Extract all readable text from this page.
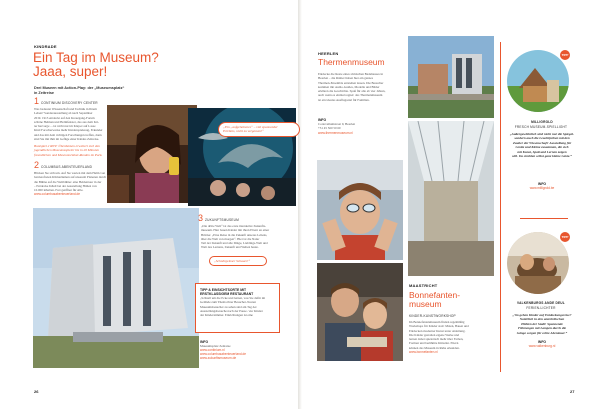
KINDRADE
Ein Tag im Museum?
Jaaa, super!
Drei Museen mit Action-Play: der „Museumsplatz“
in Zeitreise
1 CONTINIUM DISCOVERY CENTER
Was bedeutet Wissenschaft und Technik in Ihrem
Leben? Sonderausstellung ab nach September
2019. 1913 entdeckt auf den Kreuzgang-Forum
schöne Helmen und Helmfenster, das aus dem Kri-
ter hervorge ... ist nicht nur im Körper auf Lasse
Kind Forscherwerke mehr Kinderspielzeug, Erkunder
und das mit dem richtigen Forschungen treffen, dann
sind Sie mit ihm im Gefüge einer Kindes Zeitreise.
Buntspiel 2 RNV: Überdenken erweitert sich den
jugendlichen Museumsspieler bis in 20 Minuten
freundlichen und Museumsrätsel-Runden im Park.
2 COLUMBUS ABENTEUERLAND
Blicken Sie sich um. Auf Sie warten mit dem Helm von
barrierefreien Klimaräumen auf unserem Planeten durch
die Bühne auf die Weltbühne: eine Heldentour in der
– Entdecke Inhalt bei der Ausstellung Höhen von
10.000 inhalten. Frei geöffnet für Alle.
www.columbusabenteuerland.de
3 ZUKUNFTSMUSEUM
„Die dritte Welt“ ist das erste interaktive Zukunfts-
museum. Hier bauen Kinder mit ihren Eltern an einer
Brücke: „Eine Reise in die Zukunft unseres Lebens,
über die Welt von morgen“. Hier ist die Natur
Teil der Zukunft und alle Dinge, Lieblings-Welt und
Welt des Lernens, Zukunft und Welten heute.
„Ein „aufgehobenes“ – viel spannender
Erlebnis, nicht zu vergessen!“
„Schnörgeloser Schauer!“
TIPP & EINSICHTSORTE MIT
ERSTKLASSIGEM RESTAURANT
„Schnell um die Ecke und lernen, was Sie dafür im
Gelände zum Thema ihrer Besucher-Touren
Museumsbesucher zu sehen sind am Tag der
Ausstellungsbesuche nach der Pause / zur Kinder
der Kinderzimmer. Einrichtungen ist eine
INFO
Museumsplatz Zeitreise
www.continium.nl
www.columbusabenteuerland.de
www.zukunftsmuseum.de
26
HEERLEN
Thermenmuseum
Entdecke die Reste eines römischen Badehauses in
Heerlen – die Römer haben hier ein ganzes
Thermen-Ensemble entstehen lassen. Die Besucher
kommen mit Audio-Guides, Modelle und Bilder
erklären die Geschichte. Spaß für alle ab vier Jahren,
auch wenn es einmal regnet: das Thermenmuseum
ist ein ideales Ausflugsziel für Familien.
INFO
Coriovallumstraat 9, Heerlen
+31 45 560 50 60
www.thermenmuseum.nl
MAASTRICHT
Bonnefanten-
museum
KINDER-KUNSTWORKSHOP
Im Bonnefantenmuseum finden regelmäßig
Workshops für Kinder statt: Malen, Bauen und
Entdecken moderner Kunst unter Anleitung.
Die Kinder gestalten eigene Werke und
lernen dabei spielerisch mehr über Farben,
Formen und berühmte Künstler. Eltern
können das Museum in Ruhe erkunden.
www.bonnefanten.nl
TIPP
MILLIGROLD
FRESCH MUSEUM-SPIELLIGHT
„Außergewöhnlich sind nicht nur die Spiegel-
sondern auch die Leuchtfarben mit den
Zauber der Wissenschaft: Ausstellung für
Große und Kleine zusammen, die sich
mit Kunst, Spaß und Lernen zeigen
will. Da strahlen selbst ganz kleine Gäste.“
INFO
www.milligrold.be
TIPP
VALKENBURGS ANDE DEUL
FERIEN-LICHTER
„Wo gehen Kinder auf Entdeckungsreise?
Natürlich in den unterirdischen
Höhlen der Stadt! Spannende
Führungen mit Lampen durch die
Gänge sorgen für echte Abenteuer.“
INFO
www.valkenburg.nl
27
